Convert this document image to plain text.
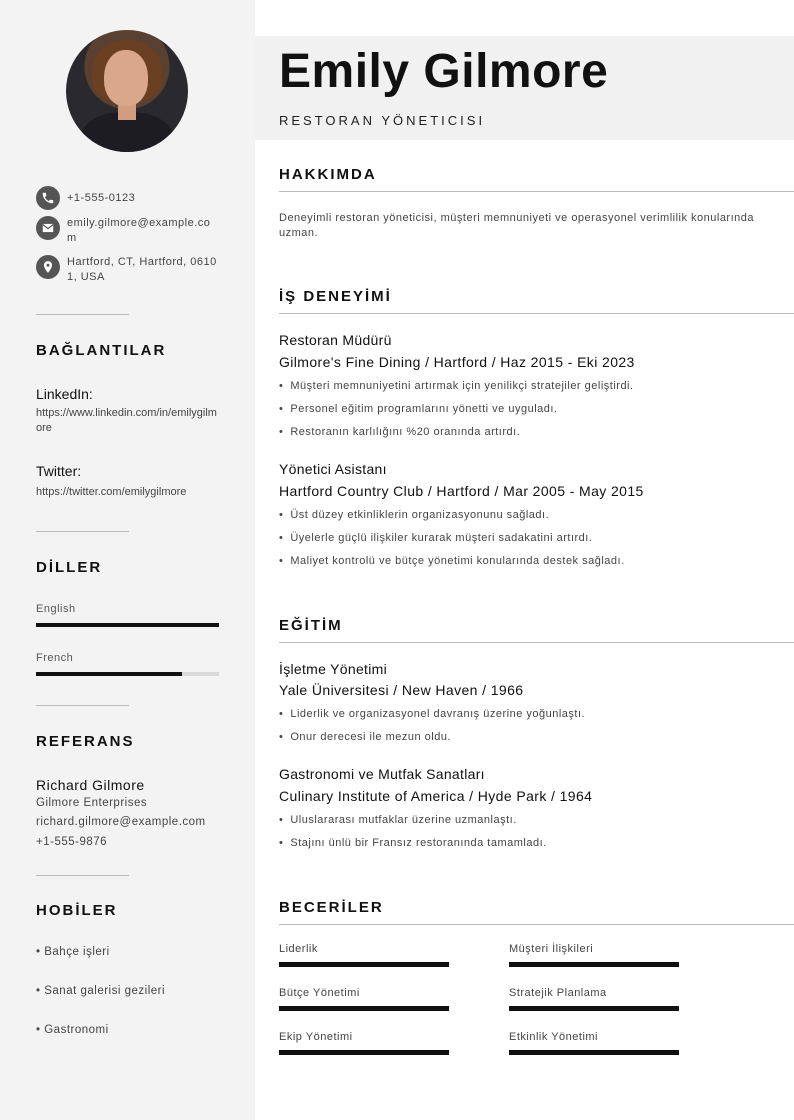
+1-555-0123
emily.gilmore@example.com
Hartford, CT, Hartford, 06101, USA
BAĞLANTILAR
LinkedIn:
https://www.linkedin.com/in/emilygilmore
Twitter:
https://twitter.com/emilygilmore
DİLLER
English
French
REFERANS
Richard Gilmore
Gilmore Enterprises
richard.gilmore@example.com
+1-555-9876
HOBİLER
• Bahçe işleri
• Sanat galerisi gezileri
• Gastronomi
Emily Gilmore
RESTORAN YÖNETICISI
HAKKIMDA
Deneyimli restoran yöneticisi, müşteri memnuniyeti ve operasyonel verimlilik konularında uzman.
İŞ DENEYİMİ
Restoran Müdürü
Gilmore's Fine Dining / Hartford / Haz 2015 - Eki 2023
• Müşteri memnuniyetini artırmak için yenilikçi stratejiler geliştirdi.
• Personel eğitim programlarını yönetti ve uyguladı.
• Restoranın karlılığını %20 oranında artırdı.
Yönetici Asistanı
Hartford Country Club / Hartford / Mar 2005 - May 2015
• Üst düzey etkinliklerin organizasyonunu sağladı.
• Üyelerle güçlü ilişkiler kurarak müşteri sadakatini artırdı.
• Maliyet kontrolü ve bütçe yönetimi konularında destek sağladı.
EĞİTİM
İşletme Yönetimi
Yale Üniversitesi / New Haven / 1966
• Liderlik ve organizasyonel davranış üzerine yoğunlaştı.
• Onur derecesi ile mezun oldu.
Gastronomi ve Mutfak Sanatları
Culinary Institute of America / Hyde Park / 1964
• Uluslararası mutfaklar üzerine uzmanlaştı.
• Stajını ünlü bir Fransız restoranında tamamladı.
BECERİLER
Liderlik	Müşteri İlişkileri
Bütçe Yönetimi	Stratejik Planlama
Ekip Yönetimi	Etkinlik Yönetimi
